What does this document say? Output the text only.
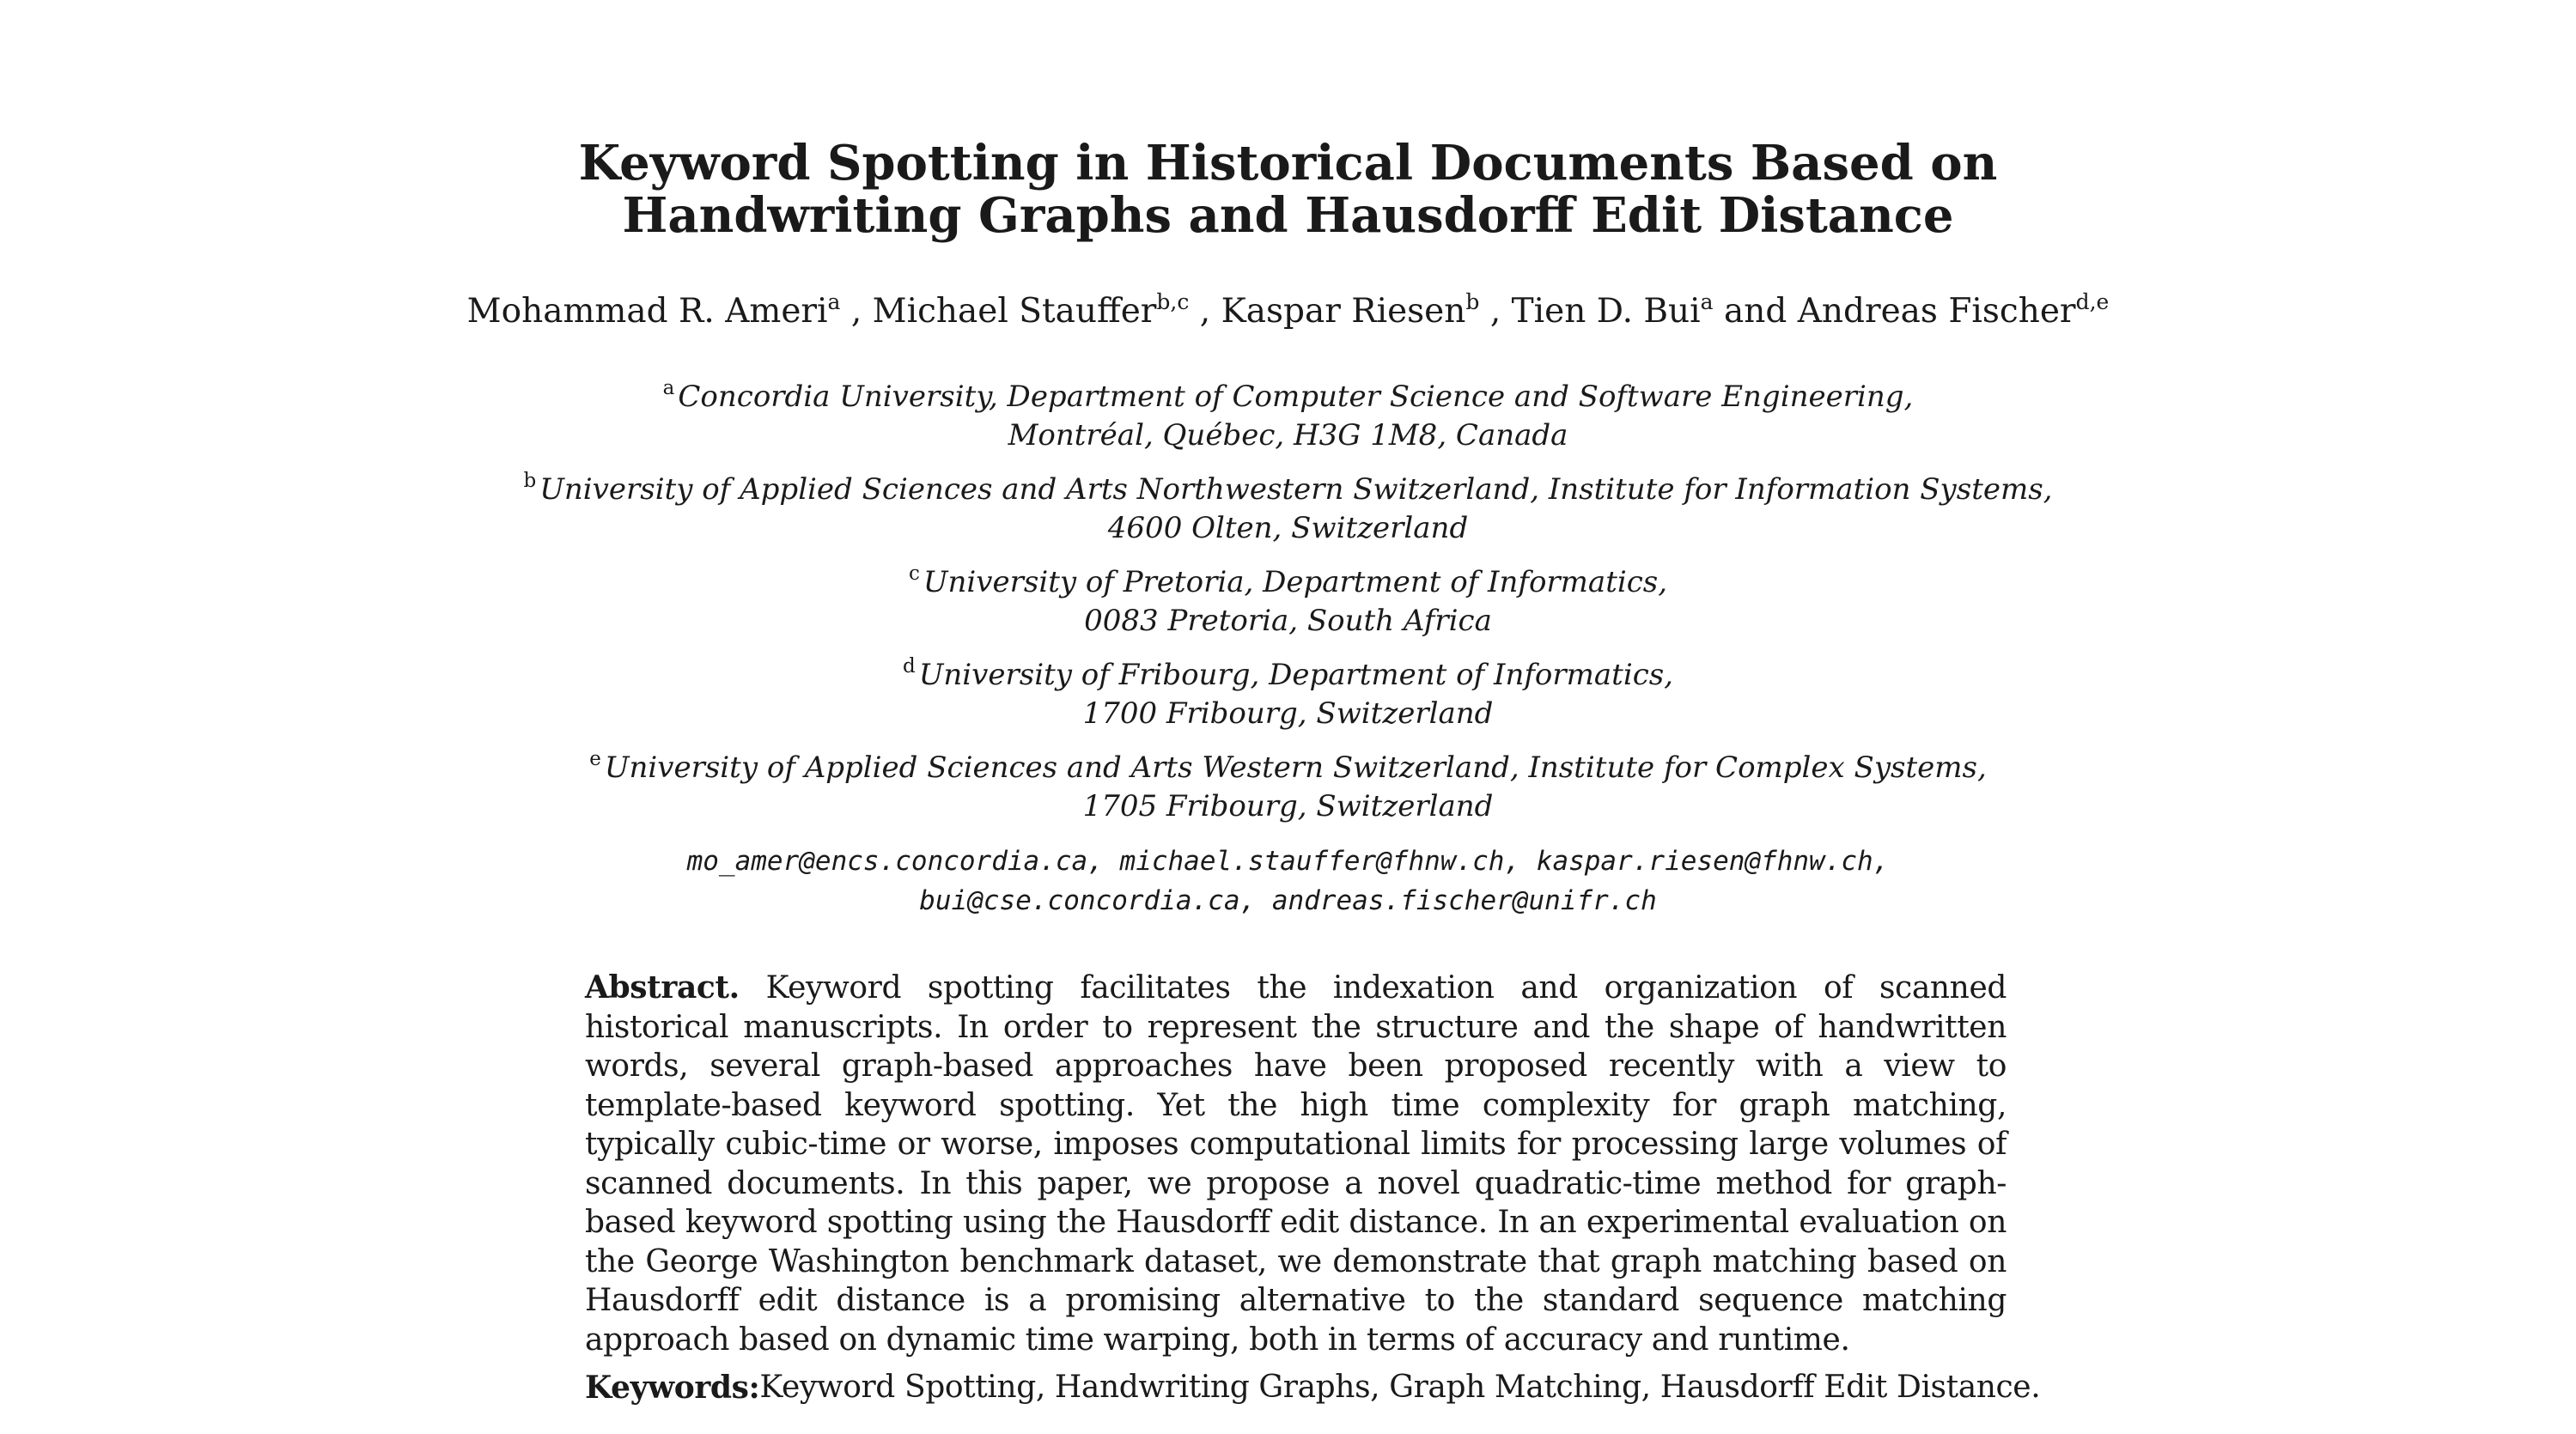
Keyword Spotting in Historical Documents Based on
Handwriting Graphs and Hausdorff Edit Distance
Mohammad R. Ameri$^a$ , Michael Stauffer$^{b,c}$ , Kaspar Riesen$^b$ , Tien D. Bui$^a$ and Andreas Fischer$^{d,e}$
$^a$ Concordia University, Department of Computer Science and Software Engineering,
Montréal, Québec, H3G 1M8, Canada
$^b$ University of Applied Sciences and Arts Northwestern Switzerland, Institute for Information Systems,
4600 Olten, Switzerland
$^c$ University of Pretoria, Department of Informatics,
0083 Pretoria, South Africa
$^d$ University of Fribourg, Department of Informatics,
1700 Fribourg, Switzerland
$^e$ University of Applied Sciences and Arts Western Switzerland, Institute for Complex Systems,
1705 Fribourg, Switzerland
mo_amer@encs.concordia.ca, michael.stauffer@fhnw.ch, kaspar.riesen@fhnw.ch,
bui@cse.concordia.ca, andreas.fischer@unifr.ch
Abstract. Keyword spotting facilitates the indexation and organization of scanned historical manuscripts. In order to represent the structure and the shape of handwritten words, several graph-based approaches have been proposed recently with a view to template-based keyword spotting. Yet the high time complexity for graph matching, typically cubic-time or worse, imposes computational limits for processing large volumes of scanned documents. In this paper, we propose a novel quadratic-time method for graph-based keyword spotting using the Hausdorff edit distance. In an experimental evaluation on the George Washington benchmark dataset, we demonstrate that graph matching based on Hausdorff edit distance is a promising alternative to the standard sequence matching approach based on dynamic time warping, both in terms of accuracy and runtime.
Keywords: Keyword Spotting, Handwriting Graphs, Graph Matching, Hausdorff Edit Distance.
